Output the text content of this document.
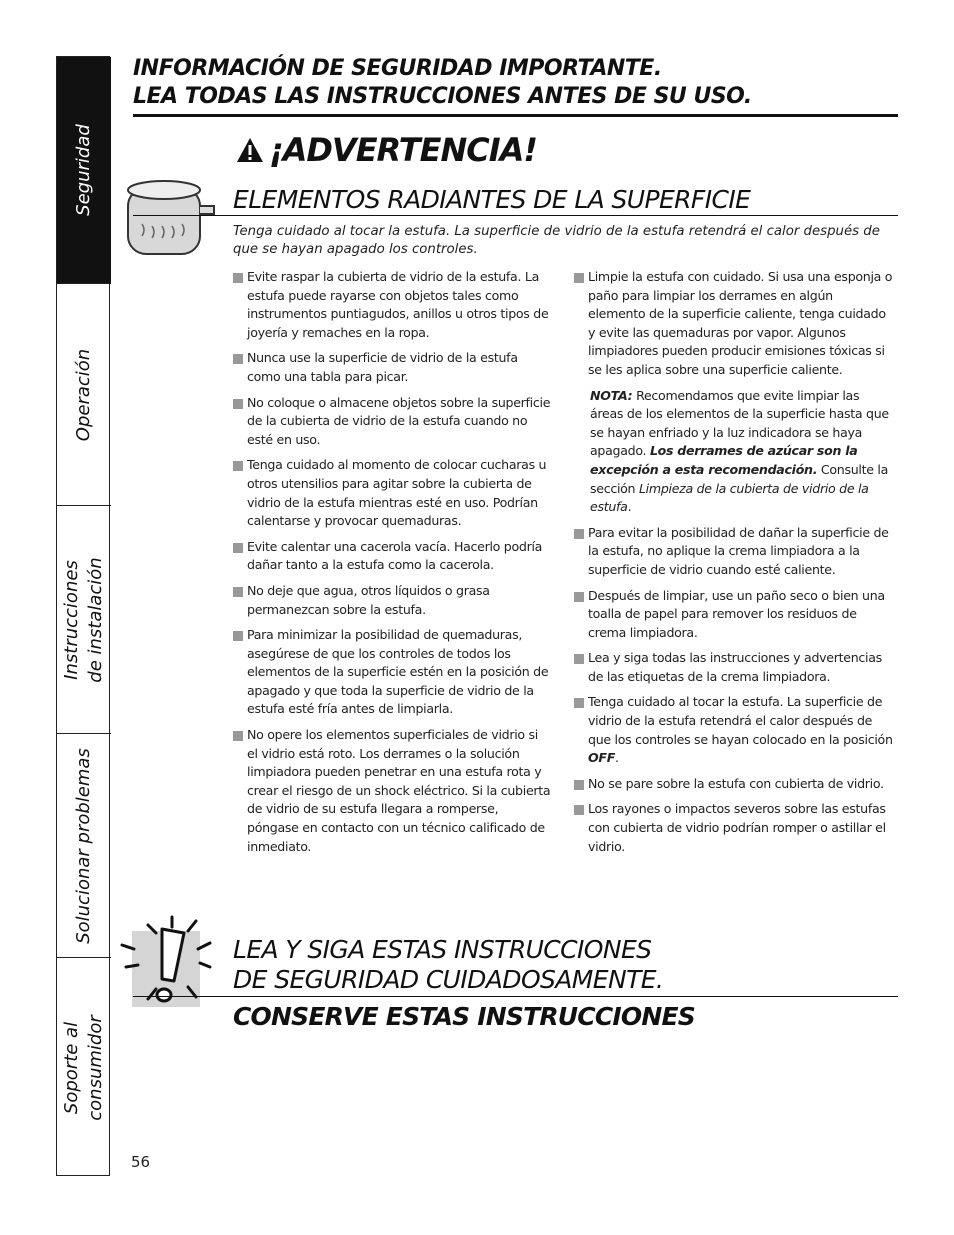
Seguridad
Operación
Instrucciones
de instalación
Solucionar problemas
Soporte al
consumidor
INFORMACIÓN DE SEGURIDAD IMPORTANTE.
LEA TODAS LAS INSTRUCCIONES ANTES DE SU USO.
¡ADVERTENCIA!
ELEMENTOS RADIANTES DE LA SUPERFICIE
Tenga cuidado al tocar la estufa. La superficie de vidrio de la estufa retendrá el calor después de que se hayan apagado los controles.
Evite raspar la cubierta de vidrio de la estufa. La estufa puede rayarse con objetos tales como instrumentos puntiagudos, anillos u otros tipos de joyería y remaches en la ropa.
Nunca use la superficie de vidrio de la estufa como una tabla para picar.
No coloque o almacene objetos sobre la superficie de la cubierta de vidrio de la estufa cuando no esté en uso.
Tenga cuidado al momento de colocar cucharas u otros utensilios para agitar sobre la cubierta de vidrio de la estufa mientras esté en uso. Podrían calentarse y provocar quemaduras.
Evite calentar una cacerola vacía. Hacerlo podría dañar tanto a la estufa como la cacerola.
No deje que agua, otros líquidos o grasa permanezcan sobre la estufa.
Para minimizar la posibilidad de quemaduras, asegúrese de que los controles de todos los elementos de la superficie estén en la posición de apagado y que toda la superficie de vidrio de la estufa esté fría antes de limpiarla.
No opere los elementos superficiales de vidrio si el vidrio está roto. Los derrames o la solución limpiadora pueden penetrar en una estufa rota y crear el riesgo de un shock eléctrico. Si la cubierta de vidrio de su estufa llegara a romperse, póngase en contacto con un técnico calificado de inmediato.
Limpie la estufa con cuidado. Si usa una esponja o paño para limpiar los derrames en algún elemento de la superficie caliente, tenga cuidado y evite las quemaduras por vapor. Algunos limpiadores pueden producir emisiones tóxicas si se les aplica sobre una superficie caliente.
NOTA: Recomendamos que evite limpiar las áreas de los elementos de la superficie hasta que se hayan enfriado y la luz indicadora se haya apagado. Los derrames de azúcar son la excepción a esta recomendación. Consulte la sección Limpieza de la cubierta de vidrio de la estufa.
Para evitar la posibilidad de dañar la superficie de la estufa, no aplique la crema limpiadora a la superficie de vidrio cuando esté caliente.
Después de limpiar, use un paño seco o bien una toalla de papel para remover los residuos de crema limpiadora.
Lea y siga todas las instrucciones y advertencias de las etiquetas de la crema limpiadora.
Tenga cuidado al tocar la estufa. La superficie de vidrio de la estufa retendrá el calor después de que los controles se hayan colocado en la posición OFF.
No se pare sobre la estufa con cubierta de vidrio.
Los rayones o impactos severos sobre las estufas con cubierta de vidrio podrían romper o astillar el vidrio.
LEA Y SIGA ESTAS INSTRUCCIONES
DE SEGURIDAD CUIDADOSAMENTE.
CONSERVE ESTAS INSTRUCCIONES
56
